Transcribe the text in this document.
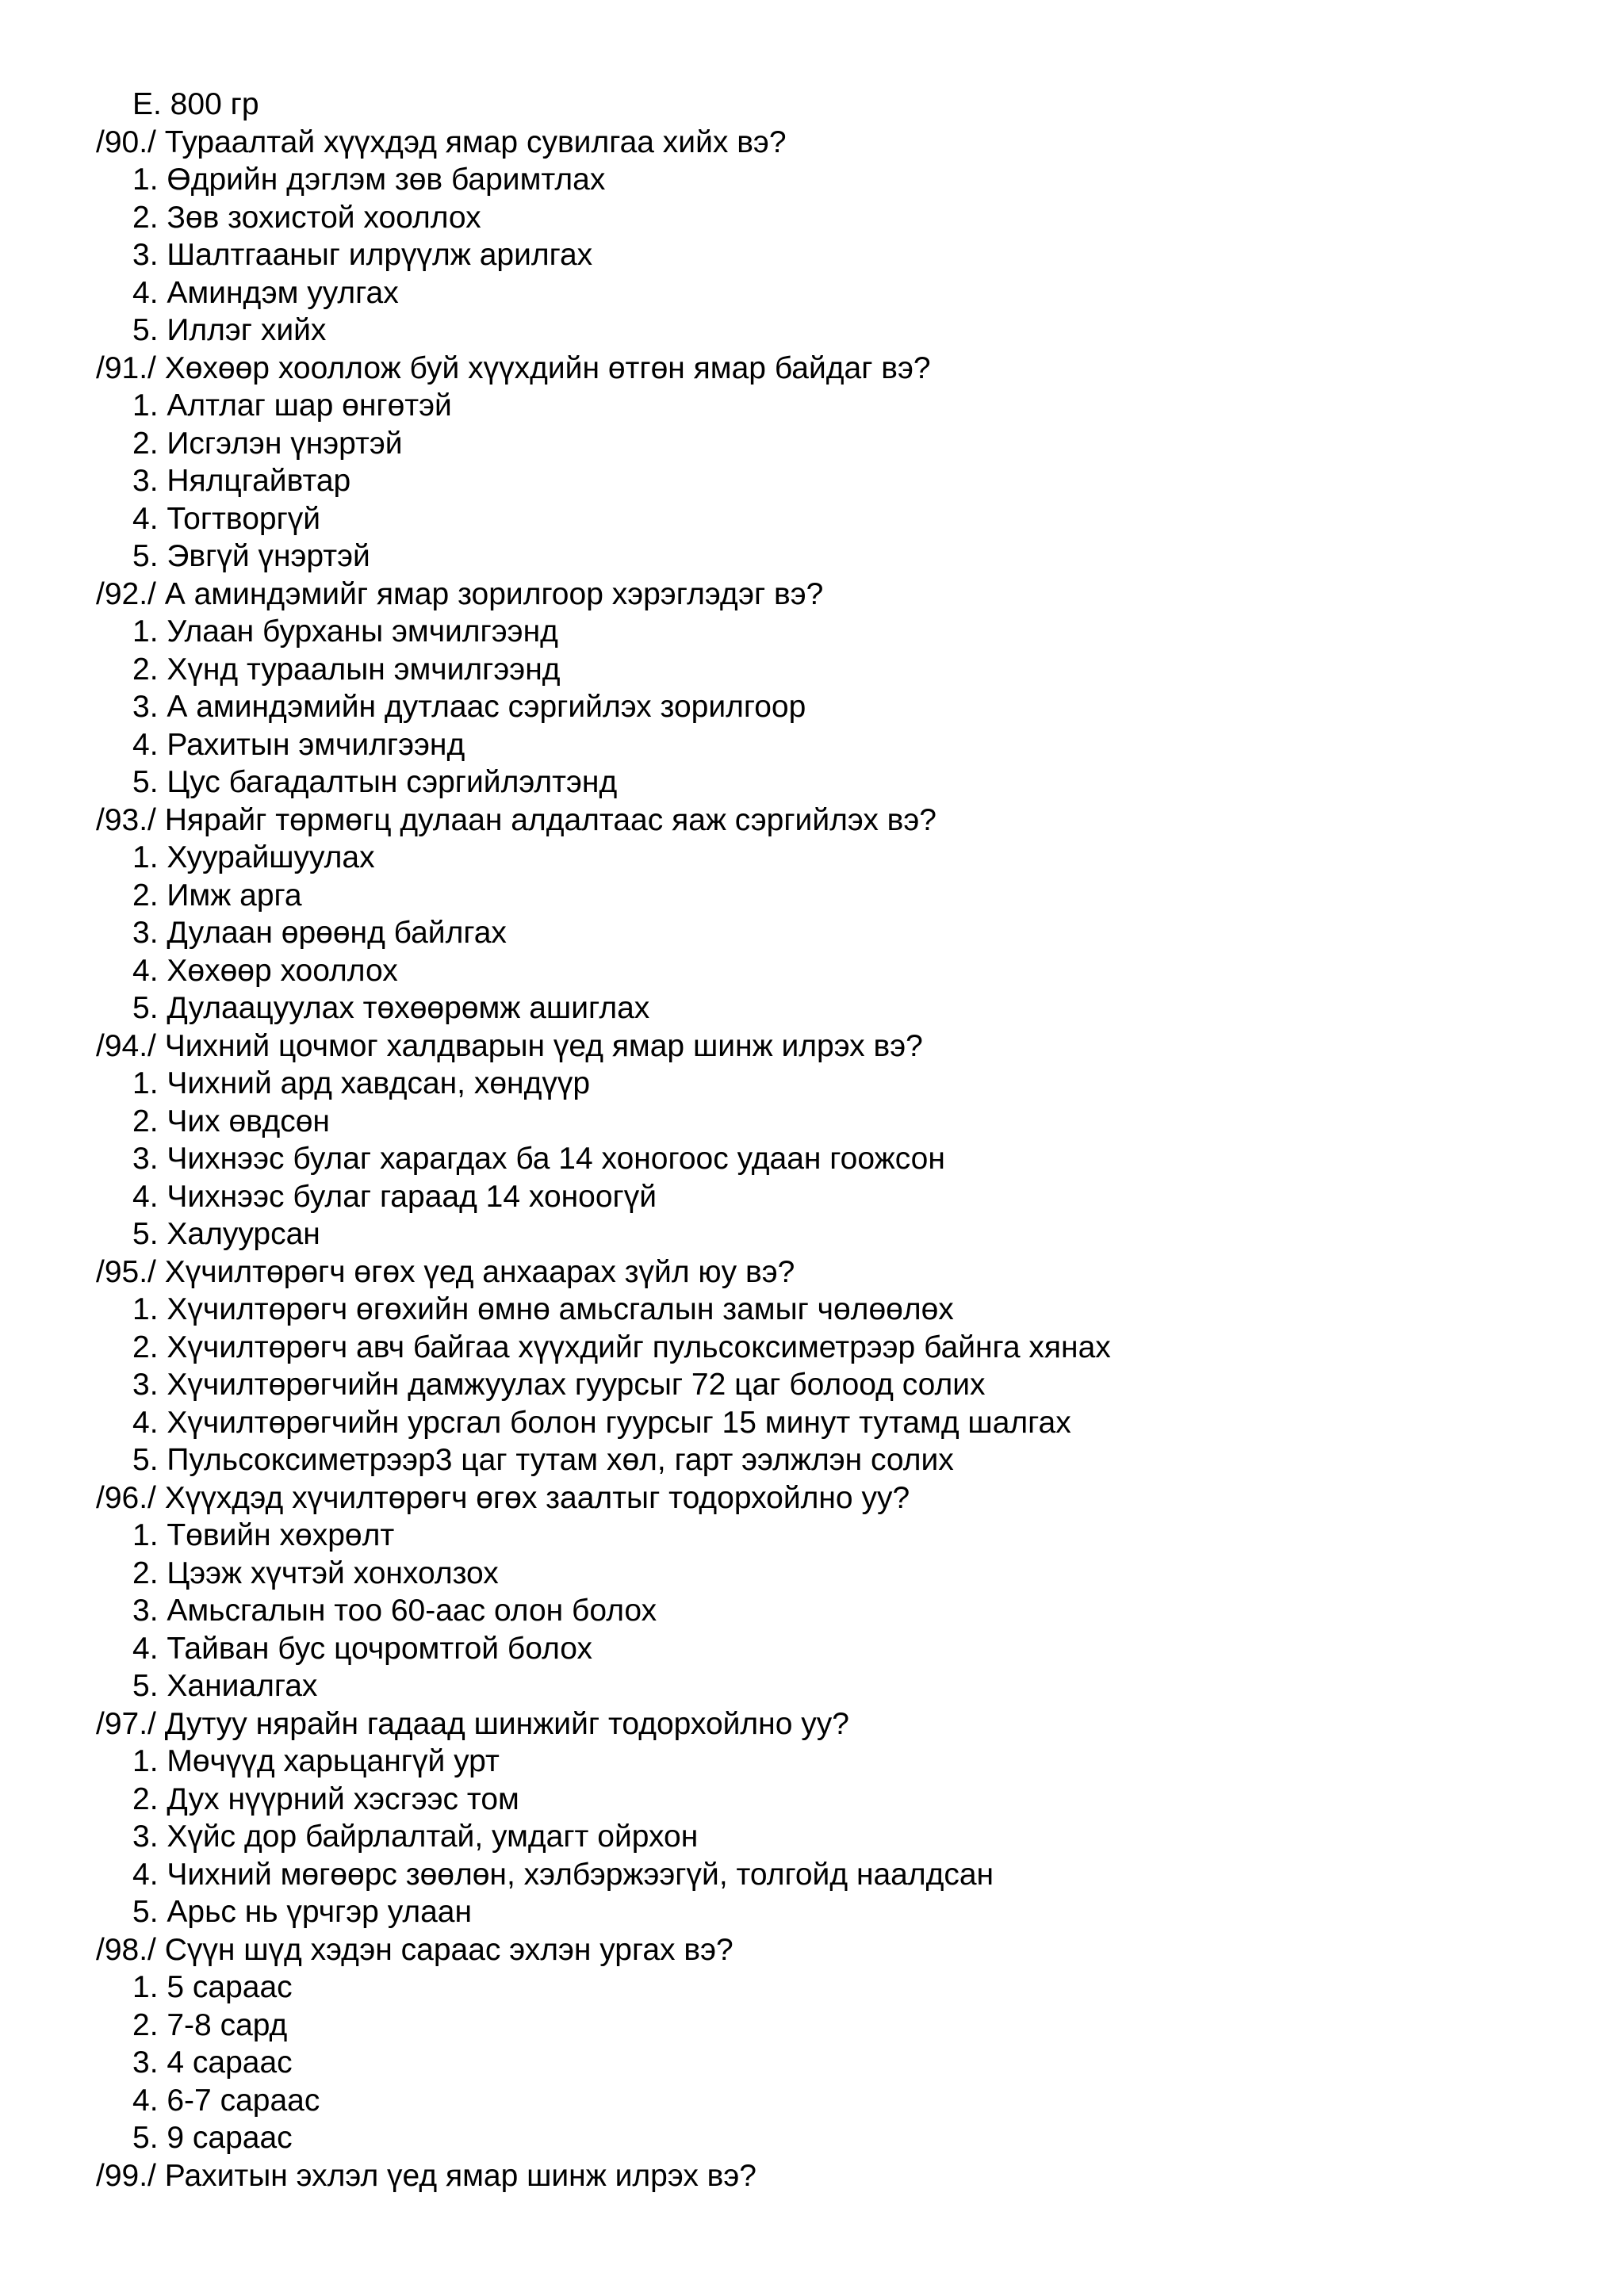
E. 800 гр
/90./ Тураалтай хүүхдэд ямар сувилгаа хийх вэ?
1. Өдрийн дэглэм зөв баримтлах
2. Зөв зохистой хооллох
3. Шалтгааныг илрүүлж арилгах
4. Аминдэм уулгах
5. Иллэг хийх
/91./ Хөхөөр хооллож буй хүүхдийн өтгөн ямар байдаг вэ?
1. Алтлаг шар өнгөтэй
2. Исгэлэн үнэртэй
3. Нялцгайвтар
4. Тогтворгүй
5. Эвгүй үнэртэй
/92./ А аминдэмийг ямар зорилгоор хэрэглэдэг вэ?
1. Улаан бурханы эмчилгээнд
2. Хүнд тураалын эмчилгээнд
3. А аминдэмийн дутлаас сэргийлэх зорилгоор
4. Рахитын эмчилгээнд
5. Цус багадалтын сэргийлэлтэнд
/93./ Нярайг төрмөгц дулаан алдалтаас яаж сэргийлэх вэ?
1. Хуурайшуулах
2. Имж арга
3. Дулаан өрөөнд байлгах
4. Хөхөөр хооллох
5. Дулаацуулах төхөөрөмж ашиглах
/94./ Чихний цочмог халдварын үед ямар шинж илрэх вэ?
1. Чихний ард хавдсан, хөндүүр
2. Чих өвдсөн
3. Чихнээс булаг харагдах ба 14 хоногоос удаан гоожсон
4. Чихнээс булаг гараад 14 хоноогүй
5. Халуурсан
/95./ Хүчилтөрөгч өгөх үед анхаарах зүйл юу вэ?
1. Хүчилтөрөгч өгөхийн өмнө амьсгалын замыг чөлөөлөх
2. Хүчилтөрөгч авч байгаа хүүхдийг пульсоксиметрээр байнга хянах
3. Хүчилтөрөгчийн дамжуулах гуурсыг 72 цаг болоод солих
4. Хүчилтөрөгчийн урсгал болон гуурсыг 15 минут тутамд шалгах
5. Пульсоксиметрээр3 цаг тутам хөл, гарт ээлжлэн солих
/96./ Хүүхдэд хүчилтөрөгч өгөх заалтыг тодорхойлно уу?
1. Төвийн хөхрөлт
2. Цээж хүчтэй хонхолзох
3. Амьсгалын тоо 60-аас олон болох
4. Тайван бус цочромтгой болох
5. Ханиалгах
/97./ Дутуу нярайн гадаад шинжийг тодорхойлно уу?
1. Мөчүүд харьцангүй урт
2. Дух нүүрний хэсгээс том
3. Хүйс дор байрлалтай, умдагт ойрхон
4. Чихний мөгөөрс зөөлөн, хэлбэржээгүй, толгойд наалдсан
5. Арьс нь үрчгэр улаан
/98./ Сүүн шүд хэдэн сараас эхлэн ургах вэ?
1. 5 сараас
2. 7-8 сард
3. 4 сараас
4. 6-7 сараас
5. 9 сараас
/99./ Рахитын эхлэл үед ямар шинж илрэх вэ?
